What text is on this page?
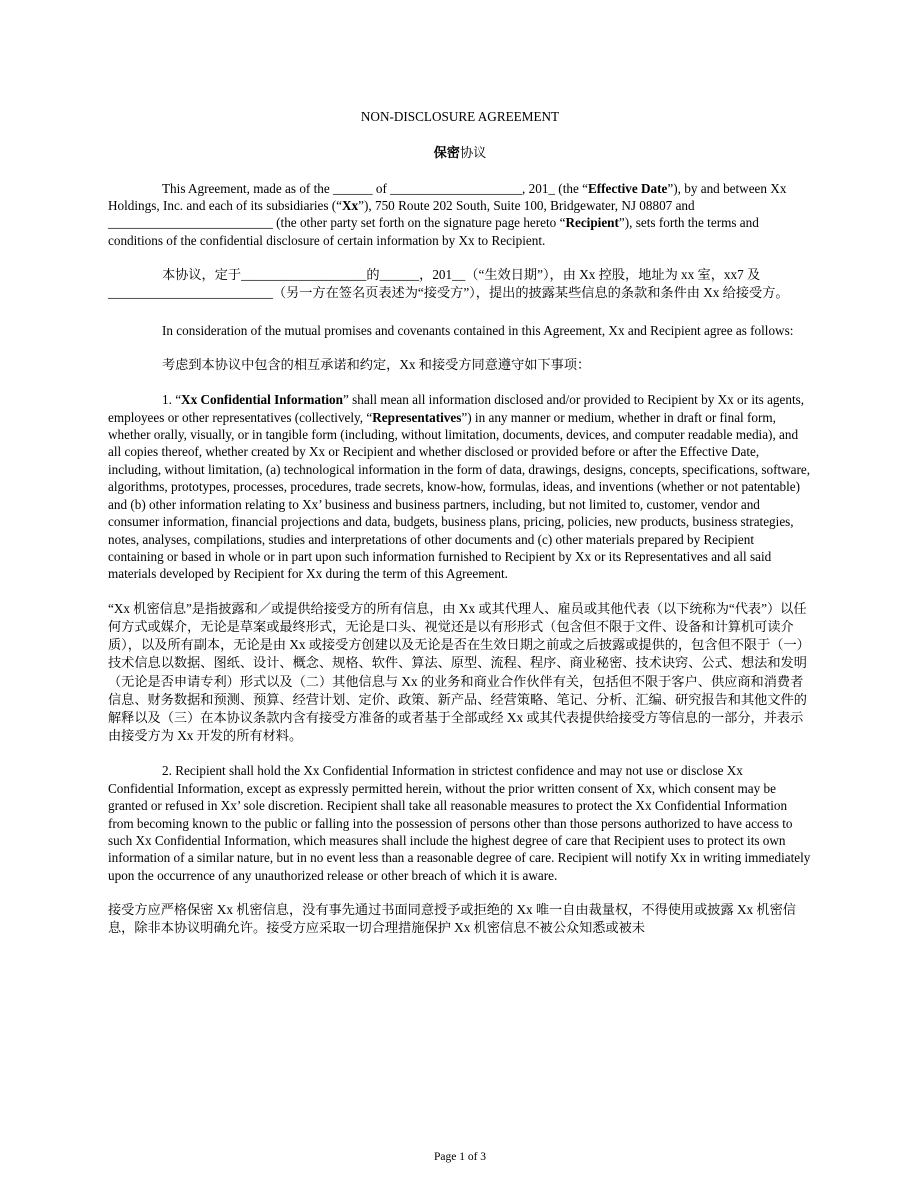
NON-DISCLOSURE AGREEMENT

保密协议

This Agreement, made as of the ______ of ____________________, 201_ (the “Effective Date”), by and between Xx Holdings, Inc. and each of its subsidiaries (“Xx”), 750 Route 202 South, Suite 100, Bridgewater, NJ 08807 and _________________________ (the other party set forth on the signature page hereto “Recipient”), sets forth the terms and conditions of the confidential disclosure of certain information by Xx to Recipient.

本协议，定于___________________的______，201__（“生效日期”），由 Xx 控股，地址为 xx 室，xx7 及_________________________（另一方在签名页表述为“接受方”），提出的披露某些信息的条款和条件由 Xx 给接受方。

In consideration of the mutual promises and covenants contained in this Agreement, Xx and Recipient agree as follows:

考虑到本协议中包含的相互承诺和约定，Xx 和接受方同意遵守如下事项：

1. “Xx Confidential Information” shall mean all information disclosed and/or provided to Recipient by Xx or its agents, employees or other representatives (collectively, “Representatives”) in any manner or medium, whether in draft or final form, whether orally, visually, or in tangible form (including, without limitation, documents, devices, and computer readable media), and all copies thereof, whether created by Xx or Recipient and whether disclosed or provided before or after the Effective Date, including, without limitation, (a) technological information in the form of data, drawings, designs, concepts, specifications, software, algorithms, prototypes, processes, procedures, trade secrets, know-how, formulas, ideas, and inventions (whether or not patentable) and (b) other information relating to Xx’ business and business partners, including, but not limited to, customer, vendor and consumer information, financial projections and data, budgets, business plans, pricing, policies, new products, business strategies, notes, analyses, compilations, studies and interpretations of other documents and (c) other materials prepared by Recipient containing or based in whole or in part upon such information furnished to Recipient by Xx or its Representatives and all said materials developed by Recipient for Xx during the term of this Agreement.

“Xx 机密信息”是指披露和／或提供给接受方的所有信息，由 Xx 或其代理人、雇员或其他代表（以下统称为“代表”）以任何方式或媒介，无论是草案或最终形式，无论是口头、视觉还是以有形形式（包含但不限于文件、设备和计算机可读介质），以及所有副本，无论是由 Xx 或接受方创建以及无论是否在生效日期之前或之后披露或提供的，包含但不限于（一）技术信息以数据、图纸、设计、概念、规格、软件、算法、原型、流程、程序、商业秘密、技术诀窍、公式、想法和发明（无论是否申请专利）形式以及（二）其他信息与 Xx 的业务和商业合作伙伴有关，包括但不限于客户、供应商和消费者信息、财务数据和预测、预算、经营计划、定价、政策、新产品、经营策略、笔记、分析、汇编、研究报告和其他文件的解释以及（三）在本协议条款内含有接受方准备的或者基于全部或经 Xx 或其代表提供给接受方等信息的一部分，并表示由接受方为 Xx 开发的所有材料。

2. Recipient shall hold the Xx Confidential Information in strictest confidence and may not use or disclose Xx Confidential Information, except as expressly permitted herein, without the prior written consent of Xx, which consent may be granted or refused in Xx’ sole discretion. Recipient shall take all reasonable measures to protect the Xx Confidential Information from becoming known to the public or falling into the possession of persons other than those persons authorized to have access to such Xx Confidential Information, which measures shall include the highest degree of care that Recipient uses to protect its own information of a similar nature, but in no event less than a reasonable degree of care. Recipient will notify Xx in writing immediately upon the occurrence of any unauthorized release or other breach of which it is aware.

接受方应严格保密 Xx 机密信息，没有事先通过书面同意授予或拒绝的 Xx 唯一自由裁量权，不得使用或披露 Xx 机密信息，除非本协议明确允许。接受方应采取一切合理措施保护 Xx 机密信息不被公众知悉或被未

Page 1 of 3
